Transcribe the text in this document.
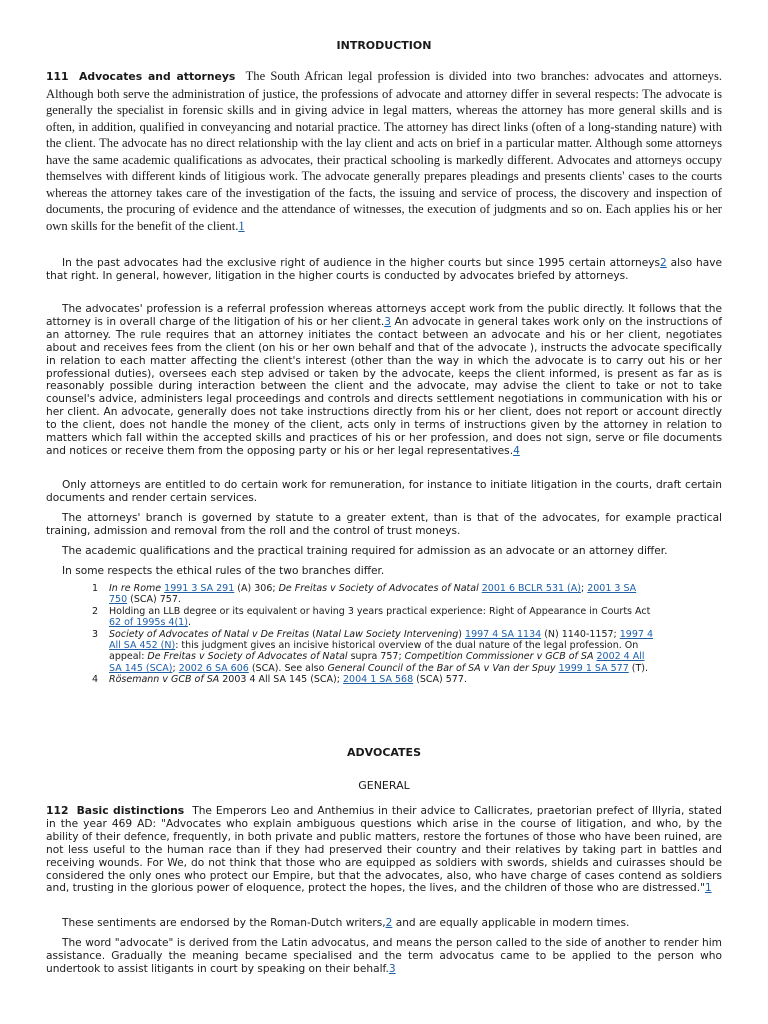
INTRODUCTION

111 Advocates and attorneys The South African legal profession is divided into two branches: advocates and attorneys. Although both serve the administration of justice, the professions of advocate and attorney differ in several respects: The advocate is generally the specialist in forensic skills and in giving advice in legal matters, whereas the attorney has more general skills and is often, in addition, qualified in conveyancing and notarial practice. The attorney has direct links (often of a long-standing nature) with the client. The advocate has no direct relationship with the lay client and acts on brief in a particular matter. Although some attorneys have the same academic qualifications as advocates, their practical schooling is markedly different. Advocates and attorneys occupy themselves with different kinds of litigious work. The advocate generally prepares pleadings and presents clients' cases to the courts whereas the attorney takes care of the investigation of the facts, the issuing and service of process, the discovery and inspection of documents, the procuring of evidence and the attendance of witnesses, the execution of judgments and so on. Each applies his or her own skills for the benefit of the client.1

In the past advocates had the exclusive right of audience in the higher courts but since 1995 certain attorneys2 also have that right. In general, however, litigation in the higher courts is conducted by advocates briefed by attorneys.

The advocates' profession is a referral profession whereas attorneys accept work from the public directly. It follows that the attorney is in overall charge of the litigation of his or her client.3 An advocate in general takes work only on the instructions of an attorney. The rule requires that an attorney initiates the contact between an advocate and his or her client, negotiates about and receives fees from the client (on his or her own behalf and that of the advocate ), instructs the advocate specifically in relation to each matter affecting the client's interest (other than the way in which the advocate is to carry out his or her professional duties), oversees each step advised or taken by the advocate, keeps the client informed, is present as far as is reasonably possible during interaction between the client and the advocate, may advise the client to take or not to take counsel's advice, administers legal proceedings and controls and directs settlement negotiations in communication with his or her client. An advocate, generally does not take instructions directly from his or her client, does not report or account directly to the client, does not handle the money of the client, acts only in terms of instructions given by the attorney in relation to matters which fall within the accepted skills and practices of his or her profession, and does not sign, serve or file documents and notices or receive them from the opposing party or his or her legal representatives.4

Only attorneys are entitled to do certain work for remuneration, for instance to initiate litigation in the courts, draft certain documents and render certain services.

The attorneys' branch is governed by statute to a greater extent, than is that of the advocates, for example practical training, admission and removal from the roll and the control of trust moneys.

The academic qualifications and the practical training required for admission as an advocate or an attorney differ.

In some respects the ethical rules of the two branches differ.

ADVOCATES
GENERAL

112 Basic distinctions The Emperors Leo and Anthemius in their advice to Callicrates, praetorian prefect of Illyria, stated in the year 469 AD: "Advocates who explain ambiguous questions which arise in the course of litigation, and who, by the ability of their defence, frequently, in both private and public matters, restore the fortunes of those who have been ruined, are not less useful to the human race than if they had preserved their country and their relatives by taking part in battles and receiving wounds. For We, do not think that those who are equipped as soldiers with swords, shields and cuirasses should be considered the only ones who protect our Empire, but that the advocates, also, who have charge of cases contend as soldiers and, trusting in the glorious power of eloquence, protect the hopes, the lives, and the children of those who are distressed."1

These sentiments are endorsed by the Roman-Dutch writers,2 and are equally applicable in modern times.

The word "advocate" is derived from the Latin advocatus, and means the person called to the side of another to render him assistance. Gradually the meaning became specialised and the term advocatus came to be applied to the person who undertook to assist litigants in court by speaking on their behalf.3

1	In re Rome 1991 3 SA 291 (A) 306; De Freitas v Society of Advocates of Natal 2001 6 BCLR 531 (A); 2001 3 SA 750 (SCA) 757.
2	Holding an LLB degree or its equivalent or having 3 years practical experience: Right of Appearance in Courts Act 62 of 1995s 4(1).
3	Society of Advocates of Natal v De Freitas (Natal Law Society Intervening) 1997 4 SA 1134 (N) 1140-1157; 1997 4 All SA 452 (N): this judgment gives an incisive historical overview of the dual nature of the legal profession. On appeal: De Freitas v Society of Advocates of Natal supra 757; Competition Commissioner v GCB of SA 2002 4 All SA 145 (SCA); 2002 6 SA 606 (SCA). See also General Council of the Bar of SA v Van der Spuy 1999 1 SA 577 (T).
4	Rösemann v GCB of SA 2003 4 All SA 145 (SCA); 2004 1 SA 568 (SCA) 577.
